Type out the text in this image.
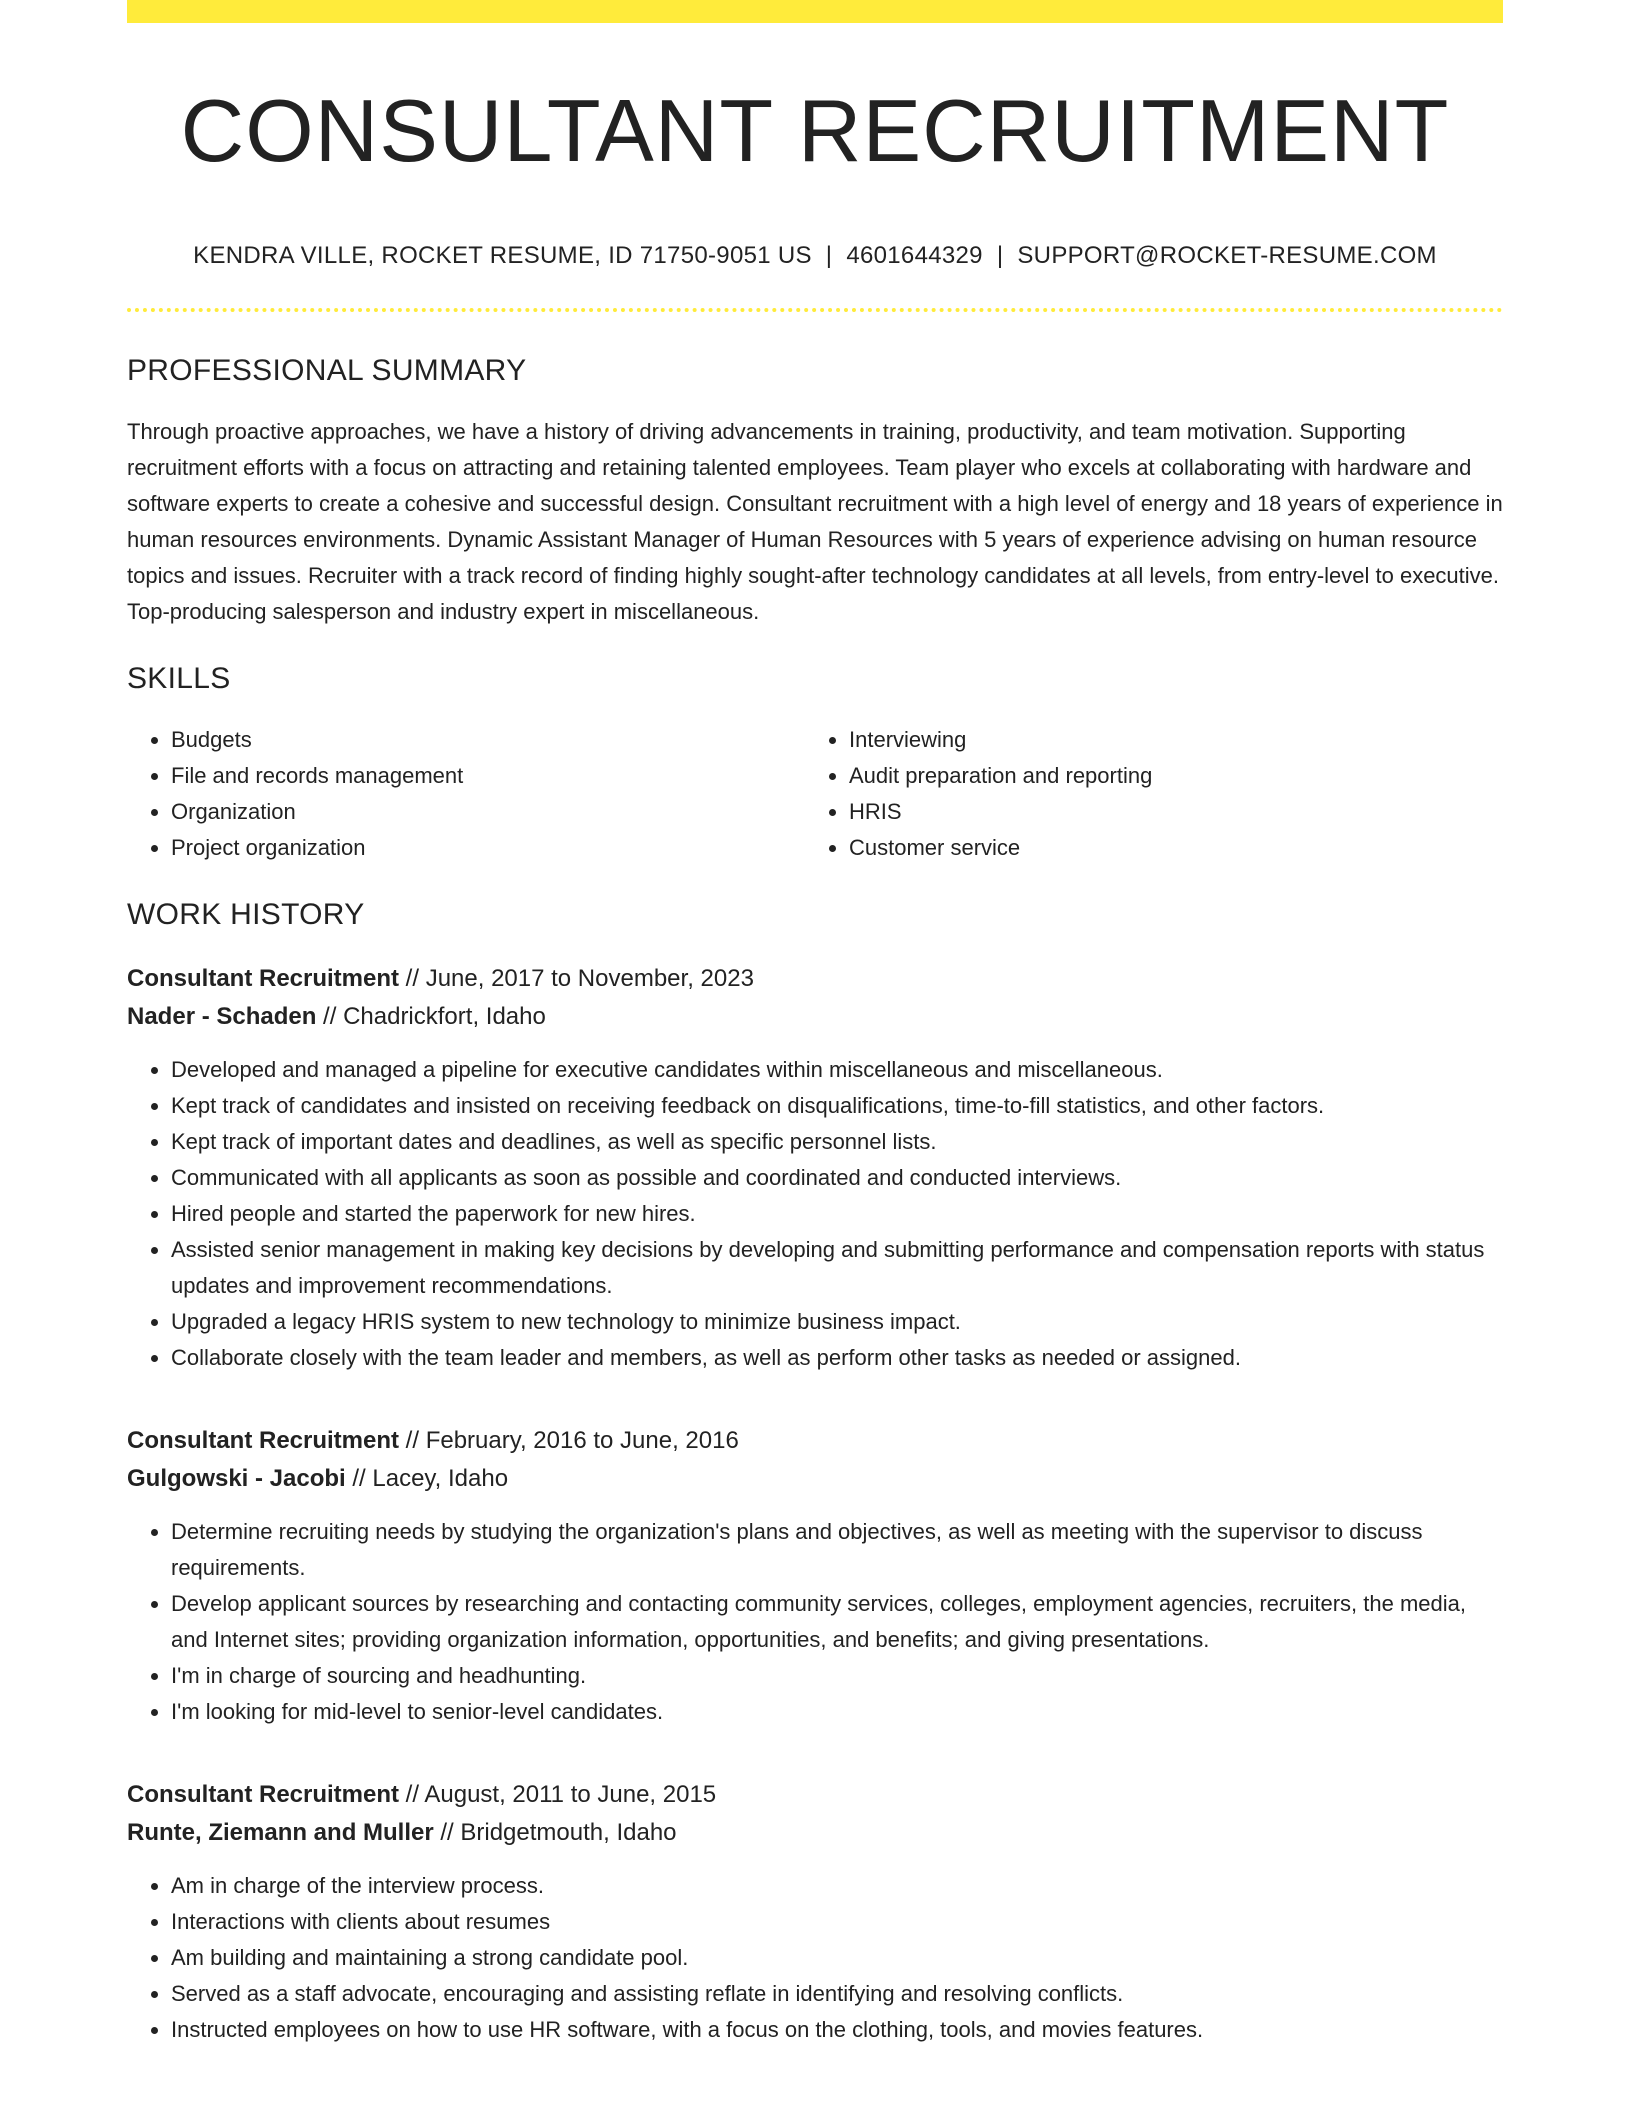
CONSULTANT RECRUITMENT
KENDRA VILLE, ROCKET RESUME, ID 71750-9051 US | 4601644329 | SUPPORT@ROCKET-RESUME.COM
PROFESSIONAL SUMMARY
Through proactive approaches, we have a history of driving advancements in training, productivity, and team motivation. Supporting recruitment efforts with a focus on attracting and retaining talented employees. Team player who excels at collaborating with hardware and software experts to create a cohesive and successful design. Consultant recruitment with a high level of energy and 18 years of experience in human resources environments. Dynamic Assistant Manager of Human Resources with 5 years of experience advising on human resource topics and issues. Recruiter with a track record of finding highly sought-after technology candidates at all levels, from entry-level to executive. Top-producing salesperson and industry expert in miscellaneous.
SKILLS
• Budgets
• File and records management
• Organization
• Project organization
• Interviewing
• Audit preparation and reporting
• HRIS
• Customer service
WORK HISTORY
Consultant Recruitment // June, 2017 to November, 2023
Nader - Schaden // Chadrickfort, Idaho
• Developed and managed a pipeline for executive candidates within miscellaneous and miscellaneous.
• Kept track of candidates and insisted on receiving feedback on disqualifications, time-to-fill statistics, and other factors.
• Kept track of important dates and deadlines, as well as specific personnel lists.
• Communicated with all applicants as soon as possible and coordinated and conducted interviews.
• Hired people and started the paperwork for new hires.
• Assisted senior management in making key decisions by developing and submitting performance and compensation reports with status updates and improvement recommendations.
• Upgraded a legacy HRIS system to new technology to minimize business impact.
• Collaborate closely with the team leader and members, as well as perform other tasks as needed or assigned.
Consultant Recruitment // February, 2016 to June, 2016
Gulgowski - Jacobi // Lacey, Idaho
• Determine recruiting needs by studying the organization's plans and objectives, as well as meeting with the supervisor to discuss requirements.
• Develop applicant sources by researching and contacting community services, colleges, employment agencies, recruiters, the media, and Internet sites; providing organization information, opportunities, and benefits; and giving presentations.
• I'm in charge of sourcing and headhunting.
• I'm looking for mid-level to senior-level candidates.
Consultant Recruitment // August, 2011 to June, 2015
Runte, Ziemann and Muller // Bridgetmouth, Idaho
• Am in charge of the interview process.
• Interactions with clients about resumes
• Am building and maintaining a strong candidate pool.
• Served as a staff advocate, encouraging and assisting reflate in identifying and resolving conflicts.
• Instructed employees on how to use HR software, with a focus on the clothing, tools, and movies features.
